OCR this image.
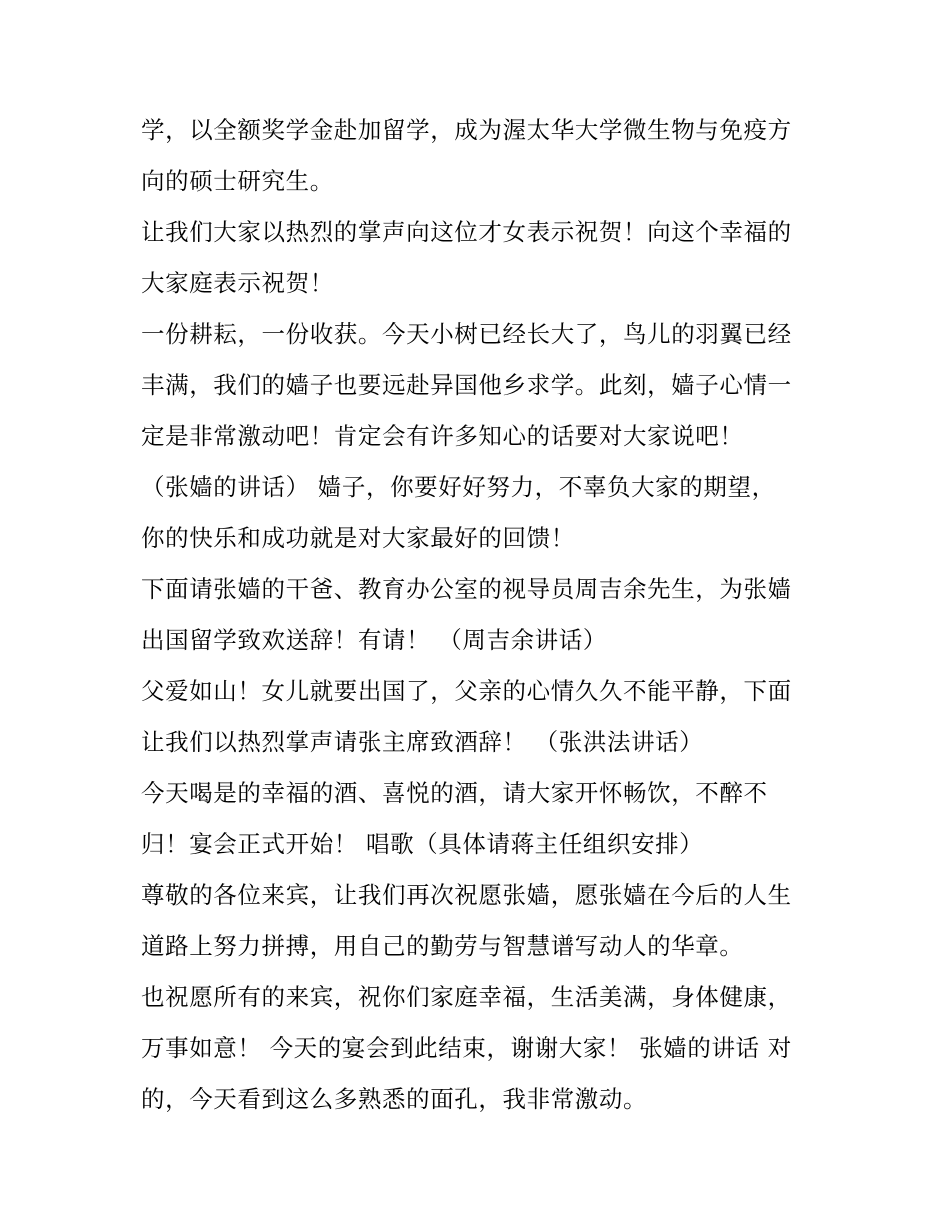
学，以全额奖学金赴加留学，成为渥太华大学微生物与免疫方
向的硕士研究生。
让我们大家以热烈的掌声向这位才女表示祝贺！向这个幸福的
大家庭表示祝贺！
一份耕耘，一份收获。今天小树已经长大了，鸟儿的羽翼已经
丰满，我们的嫱子也要远赴异国他乡求学。此刻，嫱子心情一
定是非常激动吧！肯定会有许多知心的话要对大家说吧！
（张嫱的讲话） 嫱子，你要好好努力，不辜负大家的期望，
你的快乐和成功就是对大家最好的回馈！
下面请张嫱的干爸、教育办公室的视导员周吉余先生，为张嫱
出国留学致欢送辞！有请！ （周吉余讲话）
父爱如山！女儿就要出国了，父亲的心情久久不能平静，下面
让我们以热烈掌声请张主席致酒辞！ （张洪法讲话）
今天喝是的幸福的酒、喜悦的酒，请大家开怀畅饮，不醉不
归！宴会正式开始！ 唱歌（具体请蒋主任组织安排）
尊敬的各位来宾，让我们再次祝愿张嫱，愿张嫱在今后的人生
道路上努力拼搏，用自己的勤劳与智慧谱写动人的华章。
也祝愿所有的来宾，祝你们家庭幸福，生活美满，身体健康，
万事如意！ 今天的宴会到此结束，谢谢大家！ 张嫱的讲话 对
的，今天看到这么多熟悉的面孔，我非常激动。
